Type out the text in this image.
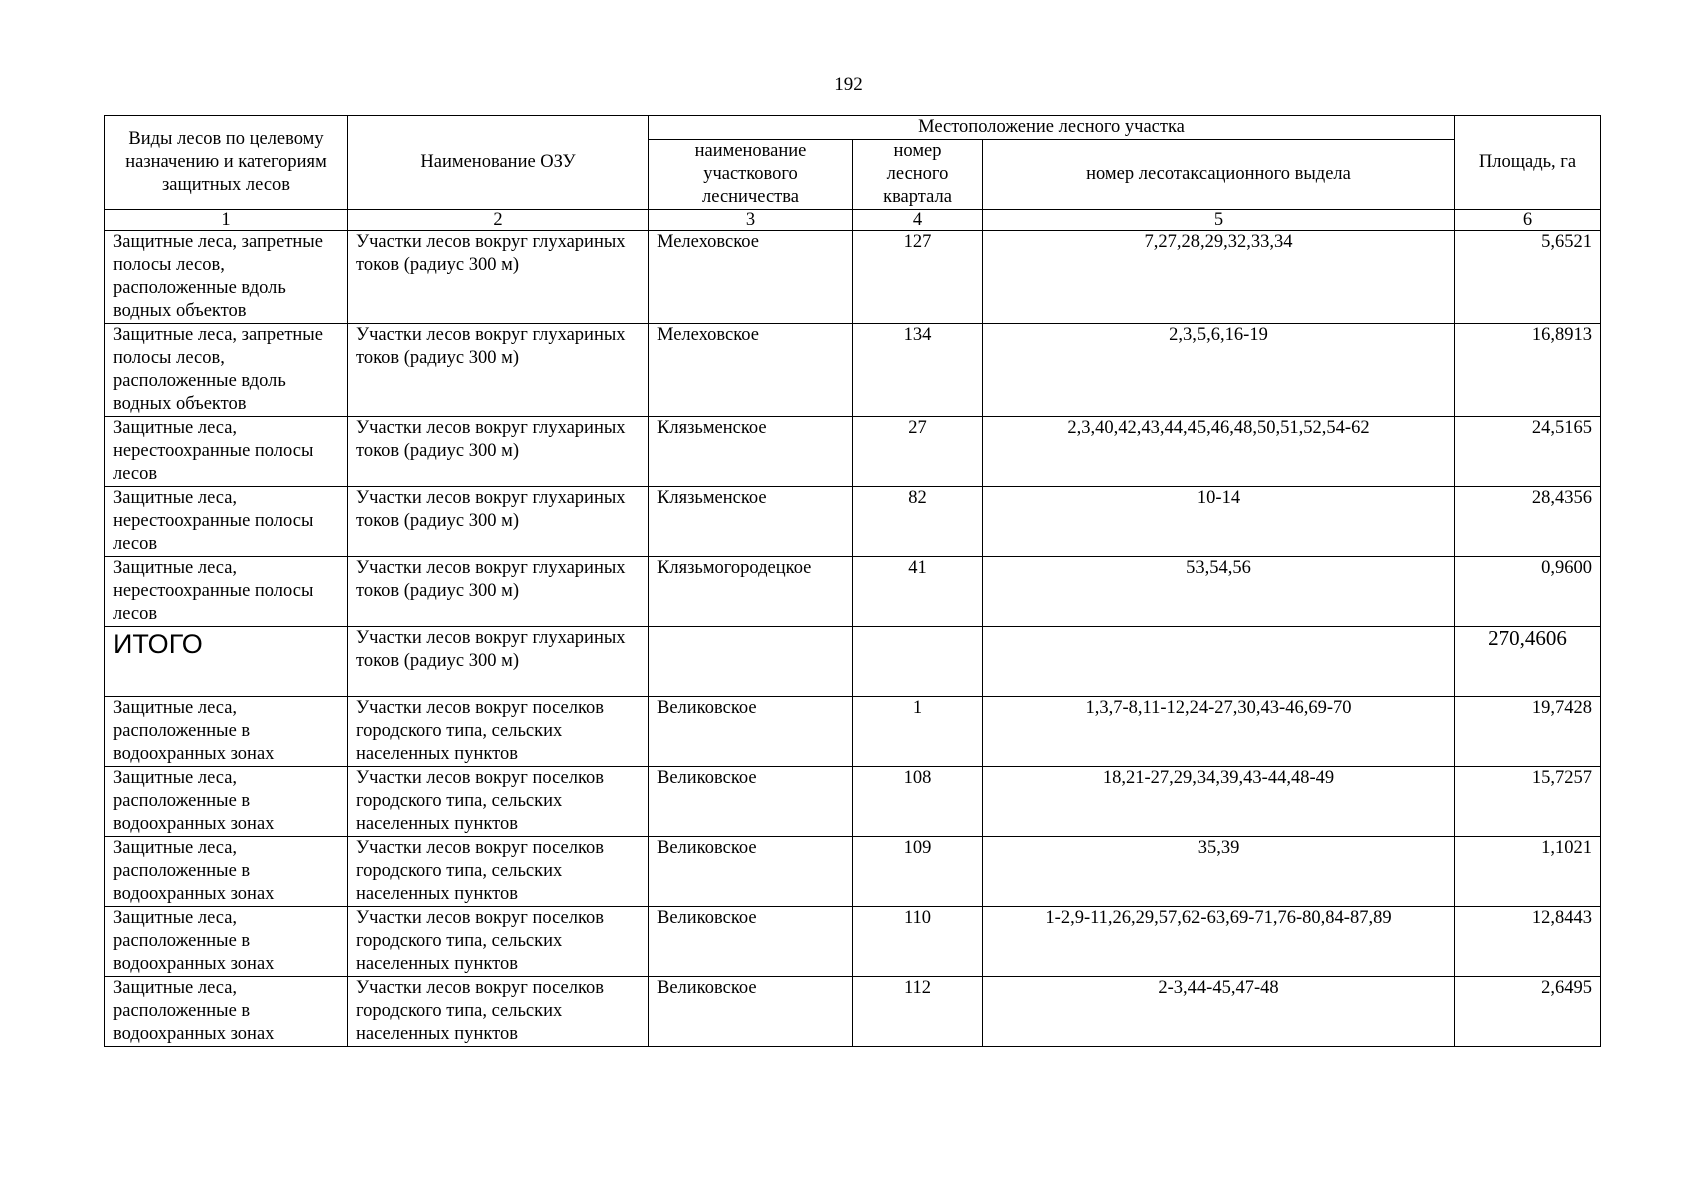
192
Виды лесов по целевому назначению и категориям защитных лесов	Наименование ОЗУ	Местоположение лесного участка			Площадь, га
		наименование участкового лесничества	номер лесного квартала	номер лесотаксационного выдела	
1	2	3	4	5	6
Защитные леса, запретные полосы лесов, расположенные вдоль водных объектов	Участки лесов вокруг глухариных токов (радиус 300 м)	Мелеховское	127	7,27,28,29,32,33,34	5,6521
Защитные леса, запретные полосы лесов, расположенные вдоль водных объектов	Участки лесов вокруг глухариных токов (радиус 300 м)	Мелеховское	134	2,3,5,6,16-19	16,8913
Защитные леса, нерестоохранные полосы лесов	Участки лесов вокруг глухариных токов (радиус 300 м)	Клязьменское	27	2,3,40,42,43,44,45,46,48,50,51,52,54-62	24,5165
Защитные леса, нерестоохранные полосы лесов	Участки лесов вокруг глухариных токов (радиус 300 м)	Клязьменское	82	10-14	28,4356
Защитные леса, нерестоохранные полосы лесов	Участки лесов вокруг глухариных токов (радиус 300 м)	Клязьмогородецкое	41	53,54,56	0,9600
ИТОГО	Участки лесов вокруг глухариных токов (радиус 300 м)				270,4606
Защитные леса, расположенные в водоохранных зонах	Участки лесов вокруг поселков городского типа, сельских населенных пунктов	Великовское	1	1,3,7-8,11-12,24-27,30,43-46,69-70	19,7428
Защитные леса, расположенные в водоохранных зонах	Участки лесов вокруг поселков городского типа, сельских населенных пунктов	Великовское	108	18,21-27,29,34,39,43-44,48-49	15,7257
Защитные леса, расположенные в водоохранных зонах	Участки лесов вокруг поселков городского типа, сельских населенных пунктов	Великовское	109	35,39	1,1021
Защитные леса, расположенные в водоохранных зонах	Участки лесов вокруг поселков городского типа, сельских населенных пунктов	Великовское	110	1-2,9-11,26,29,57,62-63,69-71,76-80,84-87,89	12,8443
Защитные леса, расположенные в водоохранных зонах	Участки лесов вокруг поселков городского типа, сельских населенных пунктов	Великовское	112	2-3,44-45,47-48	2,6495
